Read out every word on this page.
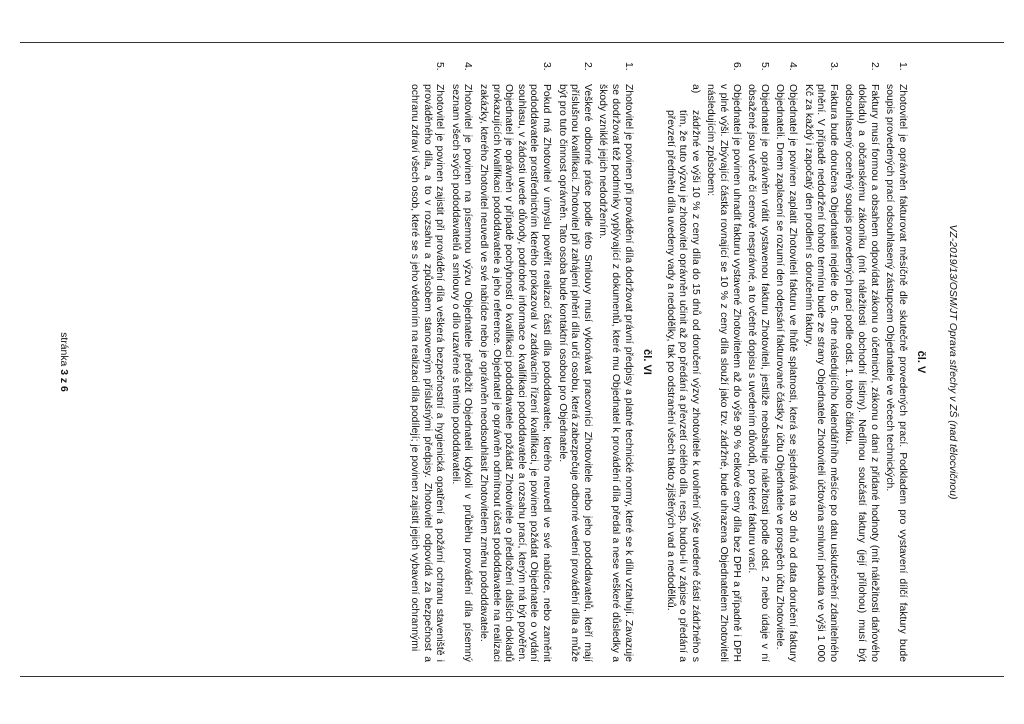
VZ-2019/13/OSM/JT Oprava střechy v ZŠ (nad tělocvičnou)
čl. V
1.
Zhotovitel je oprávněn fakturovat měsíčně dle skutečně provedených prací. Podkladem pro vystavení dílčí faktury bude soupis provedených prací odsouhlasený zástupcem Objednatele ve věcech technických.
2.
Faktury musí formou a obsahem odpovídat zákonu o účetnictví, zákonu o dani z přidané hodnoty (mít náležitosti daňového dokladu) a občanskému zákoníku (mít náležitosti obchodní listiny). Nedílnou součástí faktury (její přílohou) musí být odsouhlasený oceněný soupis provedených prací podle odst. 1. tohoto článku.
3.
Faktura bude doručena Objednateli nejdéle do 5. dne následujícího kalendářního měsíce po datu uskutečnění zdanitelného plnění. V případě nedodržení tohoto termínu bude ze strany Objednatele Zhotoviteli účtována smluvní pokuta ve výši 1 000 Kč za každý i započatý den prodlení s doručením faktury.
4.
Objednatel je povinen zaplatit Zhotoviteli fakturu ve lhůtě splatnosti, která se sjednává na 30 dnů od data doručení faktury Objednateli. Dnem zaplacení se rozumí den odepsání fakturované částky z účtu Objednatele ve prospěch účtu Zhotovitele.
5.
Objednatel je oprávněn vrátit vystavenou fakturu Zhotoviteli, jestliže neobsahuje náležitosti podle odst. 2 nebo údaje v ní obsažené jsou věcně či cenově nesprávné, a to včetně dopisu s uvedením důvodů, pro které fakturu vrací.
6.
Objednatel je povinen uhradit fakturu vystavené Zhotovitelem až do výše 90 % celkové ceny díla bez DPH a případně i DPH v plné výši. Zbývající částka rovnající se 10 % z ceny díla slouží jako tzv. zádržné, bude uhrazena Objednatelem Zhotoviteli následujícím způsobem:
a)
zádržné ve výši 10 % z ceny díla do 15 dnů od doručení výzvy zhotovitele k uvolnění výše uvedené části zádržného s tím, že tuto výzvu je zhotovitel oprávněn učinit až po předání a převzetí celého díla, resp. budou-li v zápise o předání a převzetí předmětu díla uvedeny vady a nedodělky, tak po odstranění všech takto zjištěných vad a nedodělků.
čl. VI
1.
Zhotovitel je povinen při provádění díla dodržovat právní předpisy a platné technické normy, které se k dílu vztahují. Zavazuje se dodržovat též podmínky vyplývající z dokumentů, které mu Objednatel k provádění díla předal a nese veškeré důsledky a škody vzniklé jejich nedodržením.
2.
Veškeré odborné práce podle této Smlouvy musí vykonávat pracovníci Zhotovitele nebo jeho pododdavatelů, kteří mají příslušnou kvalifikaci. Zhotovitel při zahájení plnění díla určí osobu, která zabezpečuje odborné vedení provádění díla a může být pro tuto činnost oprávněn. Tato osoba bude kontaktní osobou pro Objednatele.
3.
Pokud má Zhotovitel v úmyslu pověřit realizací části díla pododdavatele, kterého neuvedl ve své nabídce, nebo zaměnit pododdavatele prostřednictvím kterého prokazoval v zadávacím řízení kvalifikaci, je povinen požádat Objednatele o vydání souhlasu, v žádosti uvede důvody, podrobné informace o kvalifikaci pododdavatele a rozsahu prací, kterým má být pověřen. Objednatel je oprávněn v případě pochybností o kvalifikaci pododdavatele požádat Zhotovitele o předložení dalších dokladů prokazujících kvalifikaci pododdavatele a jeho reference. Objednatel je oprávněn odmítnout účast pododdavatele na realizaci zakázky, kterého Zhotovitel neuvedl ve své nabídce nebo je oprávněn neodsouhlasit Zhotovitelem změnu pododdavatele.
4.
Zhotovitel je povinen na písemnou výzvu Objednatele předložit Objednateli kdykoli v průběhu provádění díla písemný seznam všech svých pododdavatelů a smlouvy o dílo uzavřené s těmito pododdavateli.
5.
Zhotovitel je povinen zajistit při provádění díla veškerá bezpečnostní a hygienická opatření a požární ochranu staveniště i prováděného díla, a to v rozsahu a způsobem stanoveným příslušnými předpisy. Zhotovitel odpovídá za bezpečnost a ochranu zdraví všech osob, které se s jeho vědomím na realizaci díla podílejí; je povinen zajistit jejich vybavení ochrannými
stránka 3 z 6
